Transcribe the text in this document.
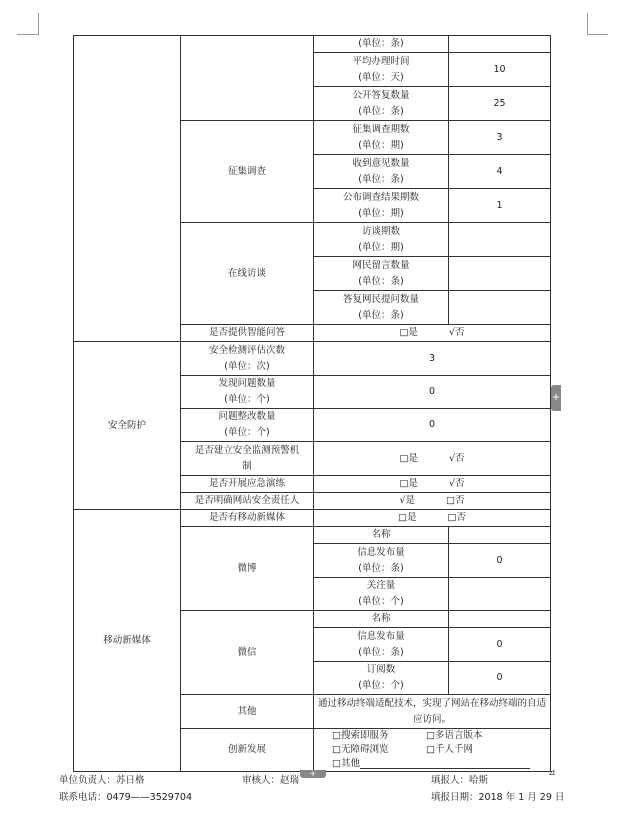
		(单位：条)	
		平均办理时间
(单位：天)	10
		公开答复数量
(单位：条)	25
	征集调查	征集调查期数
(单位：期)	3
		收到意见数量
(单位：条)	4
		公布调查结果期数
(单位：期)	1
	在线访谈	访谈期数
(单位：期)	
		网民留言数量
(单位：条)	
		答复网民提问数量
(单位：条)	
	是否提供智能问答	□是 √否	
安全防护	安全检测评估次数
(单位：次)	3	
	发现问题数量
(单位：个)	0	
	问题整改数量
(单位：个)	0	
	是否建立安全监测预警机
制	□是 √否	
	是否开展应急演练	□是 √否	
	是否明确网站安全责任人	√是 □否	
移动新媒体	是否有移动新媒体	□是 □否	
	微博	名称	
		信息发布量
(单位：条)	0
		关注量
(单位：个)	
	微信	名称	
		信息发布量
(单位：条)	0
		订阅数
(单位：个)	0
	其他	通过移动终端适配技术，实现了网站在移动终端的自适应访问。	
	创新发展	□搜索即服务 □多语言版本□无障碍浏览 □千人千网
□其他	
+
+	⊿
单位负责人：苏日格	审核人：赵瑞	填报人：哈斯
联系电话：0479——3529704	填报日期：2018 年 1 月 29 日
